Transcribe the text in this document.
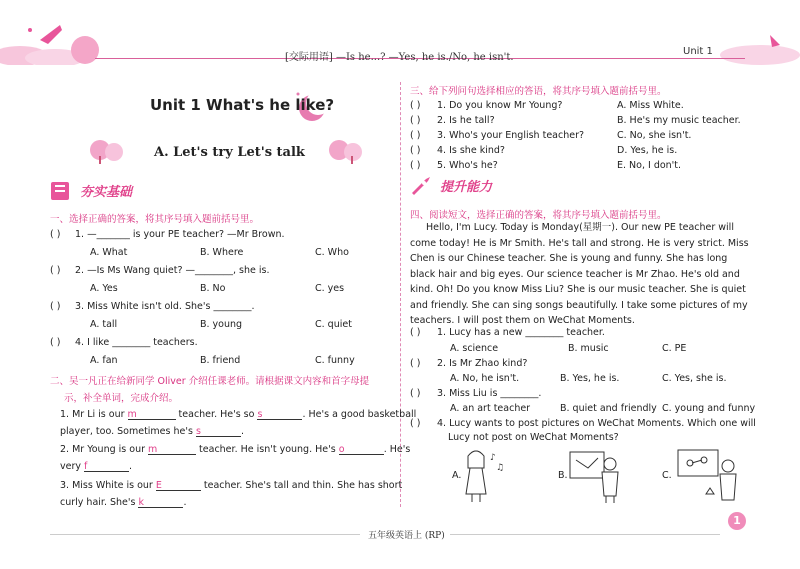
[交际用语] —Is he...? —Yes, he is./No, he isn't.
Unit 1
Unit 1 What's he like?
A. Let's try Let's talk
夯实基础
一、选择正确的答案，将其序号填入题前括号里。
( ) 1. —_______ is your PE teacher? —Mr Brown.
A. What	B. Where	C. Who
( ) 2. —Is Ms Wang quiet? —________, she is.
A. Yes	B. No	C. yes
( ) 3. Miss White isn't old. She's ________.
A. tall	B. young	C. quiet
( ) 4. I like ________ teachers.
A. fan	B. friend	C. funny
二、吴一凡正在给新同学 Oliver 介绍任课老师。请根据课文内容和首字母提
示，补全单词，完成介绍。
1. Mr Li is our m	teacher. He's so s	. He's a good basketball
player, too. Sometimes he's s	.
2. Mr Young is our m	teacher. He isn't young. He's o	. He's
very f	.
3. Miss White is our E	teacher. She's tall and thin. She has short
curly hair. She's k	.
三、给下列问句选择相应的答语，将其序号填入题前括号里。
( ) 1. Do you know Mr Young?	A. Miss White.
( ) 2. Is he tall?	B. He's my music teacher.
( ) 3. Who's your English teacher?	C. No, she isn't.
( ) 4. Is she kind?	D. Yes, he is.
( ) 5. Who's he?	E. No, I don't.
提升能力
四、阅读短文，选择正确的答案，将其序号填入题前括号里。
Hello, I'm Lucy. Today is Monday(星期一). Our new PE teacher will come today! He is Mr Smith. He's tall and strong. He is very strict. Miss Chen is our Chinese teacher. She is young and funny. She has long black hair and big eyes. Our science teacher is Mr Zhao. He's old and kind. Oh! Do you know Miss Liu? She is our music teacher. She is quiet and friendly. She can sing songs beautifully. I take some pictures of my teachers. I will post them on WeChat Moments.
( ) 1. Lucy has a new ________ teacher.
A. science	B. music	C. PE
( ) 2. Is Mr Zhao kind?
A. No, he isn't.	B. Yes, he is.	C. Yes, she is.
( ) 3. Miss Liu is ________.
A. an art teacher	B. quiet and friendly C. young and funny
( ) 4. Lucy wants to post pictures on WeChat Moments. Which one will
Lucy not post on WeChat Moments?
A.
♪
♫
B.	C.
五年级英语上 (RP)
1
